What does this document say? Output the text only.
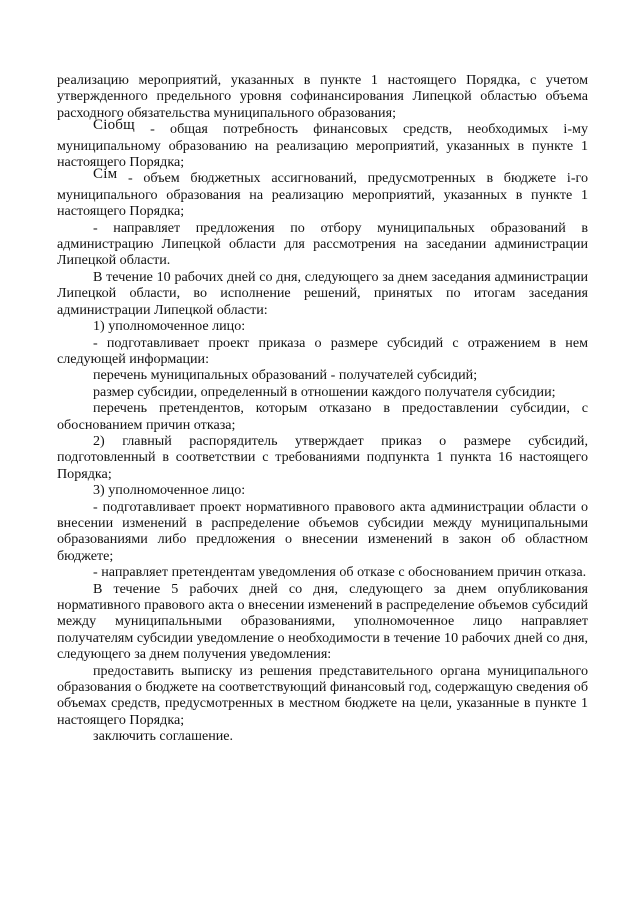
реализацию мероприятий, указанных в пункте 1 настоящего Порядка, с учетом утвержденного предельного уровня софинансирования Липецкой областью объема расходного обязательства муниципального образования;

Сiобщ - общая потребность финансовых средств, необходимых i-му муниципальному образованию на реализацию мероприятий, указанных в пункте 1 настоящего Порядка;

Сiм - объем бюджетных ассигнований, предусмотренных в бюджете i-го муниципального образования на реализацию мероприятий, указанных в пункте 1 настоящего Порядка;

- направляет предложения по отбору муниципальных образований в администрацию Липецкой области для рассмотрения на заседании администрации Липецкой области.

В течение 10 рабочих дней со дня, следующего за днем заседания администрации Липецкой области, во исполнение решений, принятых по итогам заседания администрации Липецкой области:

1) уполномоченное лицо:

- подготавливает проект приказа о размере субсидий с отражением в нем следующей информации:

перечень муниципальных образований - получателей субсидий;

размер субсидии, определенный в отношении каждого получателя субсидии;

перечень претендентов, которым отказано в предоставлении субсидии, с обоснованием причин отказа;

2) главный распорядитель утверждает приказ о размере субсидий, подготовленный в соответствии с требованиями подпункта 1 пункта 16 настоящего Порядка;

3) уполномоченное лицо:

- подготавливает проект нормативного правового акта администрации области о внесении изменений в распределение объемов субсидии между муниципальными образованиями либо предложения о внесении изменений в закон об областном бюджете;

- направляет претендентам уведомления об отказе с обоснованием причин отказа.

В течение 5 рабочих дней со дня, следующего за днем опубликования нормативного правового акта о внесении изменений в распределение объемов субсидий между муниципальными образованиями, уполномоченное лицо направляет получателям субсидии уведомление о необходимости в течение 10 рабочих дней со дня, следующего за днем получения уведомления:

предоставить выписку из решения представительного органа муниципального образования о бюджете на соответствующий финансовый год, содержащую сведения об объемах средств, предусмотренных в местном бюджете на цели, указанные в пункте 1 настоящего Порядка;

заключить соглашение.
